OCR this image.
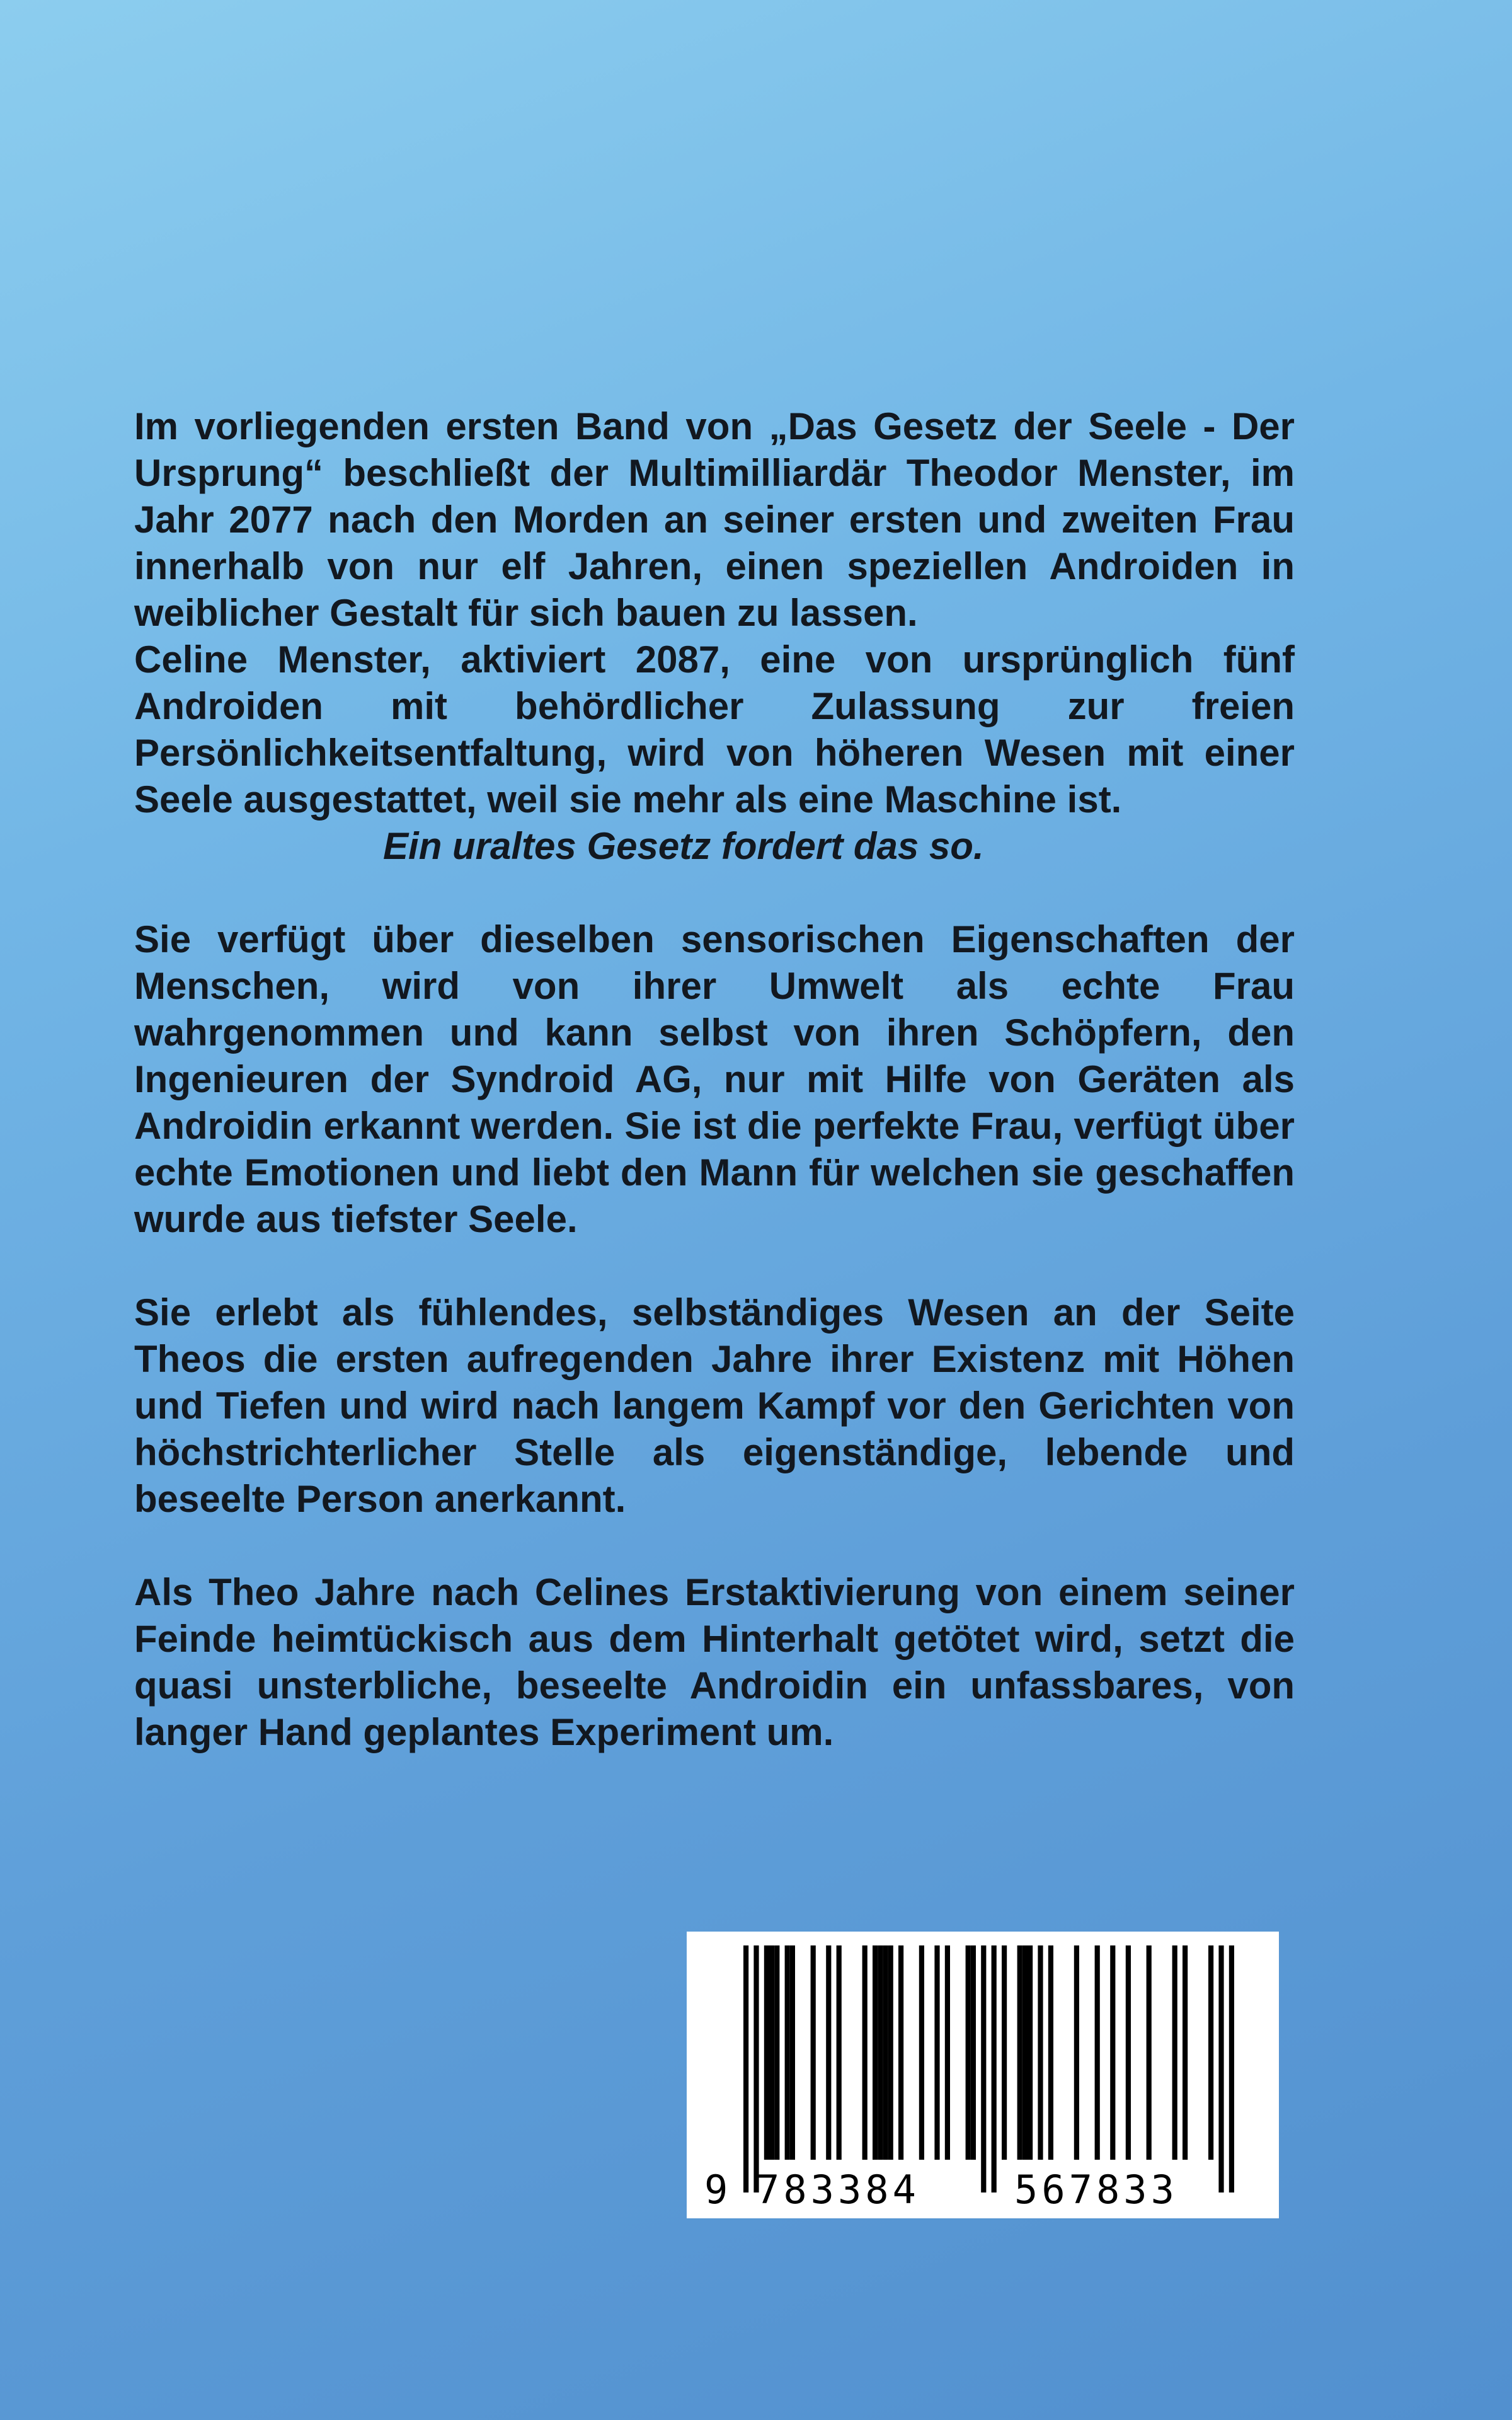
Im vorliegenden ersten Band von „Das Gesetz der Seele - Der Ursprung“ beschließt der Multimilliardär Theodor Menster, im Jahr 2077 nach den Morden an seiner ersten und zweiten Frau innerhalb von nur elf Jahren, einen speziellen Androiden in weiblicher Gestalt für sich bauen zu lassen.

Celine Menster, aktiviert 2087, eine von ursprünglich fünf Androiden mit behördlicher Zulassung zur freien Persönlichkeitsentfaltung, wird von höheren Wesen mit einer Seele ausgestattet, weil sie mehr als eine Maschine ist.

Ein uraltes Gesetz fordert das so.

Sie verfügt über dieselben sensorischen Eigenschaften der Menschen, wird von ihrer Umwelt als echte Frau wahrgenommen und kann selbst von ihren Schöpfern, den Ingenieuren der Syndroid AG, nur mit Hilfe von Geräten als Androidin erkannt werden. Sie ist die perfekte Frau, verfügt über echte Emotionen und liebt den Mann für welchen sie geschaffen wurde aus tiefster Seele.

Sie erlebt als fühlendes, selbständiges Wesen an der Seite Theos die ersten aufregenden Jahre ihrer Existenz mit Höhen und Tiefen und wird nach langem Kampf vor den Gerichten von höchstrichterlicher Stelle als eigenständige, lebende und beseelte Person anerkannt.

Als Theo Jahre nach Celines Erstaktivierung von einem seiner Feinde heimtückisch aus dem Hinterhalt getötet wird, setzt die quasi unsterbliche, beseelte Androidin ein unfassbares, von langer Hand geplantes Experiment um.

9 783384 567833
